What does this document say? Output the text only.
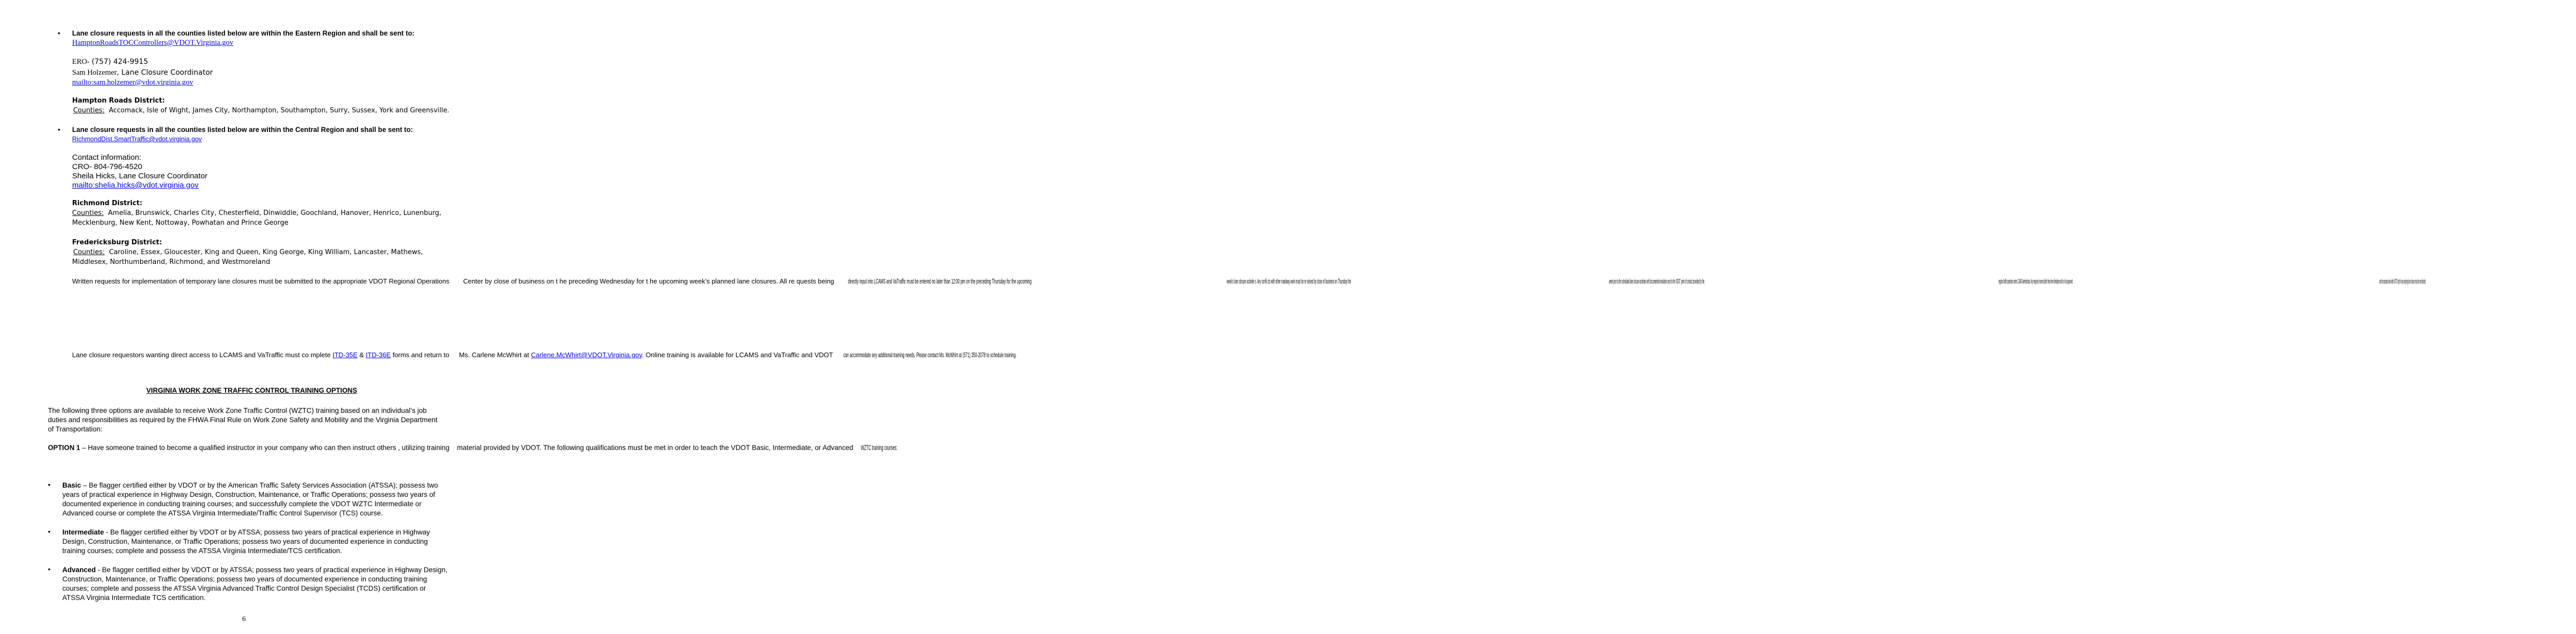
• Lane closure requests in all the counties listed below are within the Eastern Region and shall be sent to:
HamptonRoadsTOCControllers@VDOT.Virginia.gov
ERO- (757) 424-9915
Sam Holzemer, Lane Closure Coordinator
mailto:sam.holzemer@vdot.virginia.gov
Hampton Roads District:
Counties: Accomack, Isle of Wight, James City, Northampton, Southampton, Surry, Sussex, York and Greensville.
• Lane closure requests in all the counties listed below are within the Central Region and shall be sent to:
RichmondDist.SmartTraffic@vdot.virginia.gov
Contact information:
CRO- 804-796-4520
Sheila Hicks, Lane Closure Coordinator
mailto:shelia.hicks@vdot.virginia.gov
Richmond District:
Counties: Amelia, Brunswick, Charles City, Chesterfield, Dinwiddie, Goochland, Hanover, Henrico, Lunenburg,
Mecklenburg, New Kent, Nottoway, Powhatan and Prince George
Fredericksburg District:
Counties: Caroline, Essex, Gloucester, King and Queen, King George, King William, Lancaster, Mathews,
Middlesex, Northumberland, Richmond, and Westmoreland
Written requests for implementation of temporary lane closures must be submitted to the appropriate VDOT Regional Operations Center by close of business on t he preceding Wednesday for t he upcoming week’s planned lane closures. All re quests being directly input into LCAMS and VaTraffic must be entered no later than 12:00 pm on the preceding Thursday for the upcoming	week’s lane closure activitie s. Any confli cts with other roadway work must be re solved by close of business on Thursday the	week prior to the scheduled lane closure activities with documented resolution sent to the VDOT point of contact provided by the	regional traffic operation center LCAMS Administrator. Any requests received after these time limitations will no t be approved	and the proposed work within VDOT right of way requiring lane closures must be rescheduled.
Lane closure requestors wanting direct access to LCAMS and VaTraffic must co mplete ITD-35E & ITD-36E forms and return to Ms. Carlene McWhirt at Carlene.McWhirt@VDOT.Virginia.gov. Online training is available for LCAMS and VaTraffic and VDOT can accommodate any additional training needs. Please contact Ms. McWhirt at (571) 350-2078 to schedule training.
VIRGINIA WORK ZONE TRAFFIC CONTROL TRAINING OPTIONS
The following three options are available to receive Work Zone Traffic Control (WZTC) training based on an individual’s job
duties and responsibilities as required by the FHWA Final Rule on Work Zone Safety and Mobility and the Virginia Department
of Transportation:
OPTION 1 – Have someone trained to become a qualified instructor in your company who can then instruct others , utilizing training material provided by VDOT. The following qualifications must be met in order to teach the VDOT Basic, Intermediate, or Advanced WZTC training courses:
• Basic – Be flagger certified either by VDOT or by the American Traffic Safety Services Association (ATSSA); possess two
years of practical experience in Highway Design, Construction, Maintenance, or Traffic Operations; possess two years of
documented experience in conducting training courses; and successfully complete the VDOT WZTC Intermediate or
Advanced course or complete the ATSSA Virginia Intermediate/Traffic Control Supervisor (TCS) course.
• Intermediate - Be flagger certified either by VDOT or by ATSSA; possess two years of practical experience in Highway
Design, Construction, Maintenance, or Traffic Operations; possess two years of documented experience in conducting
training courses; complete and possess the ATSSA Virginia Intermediate/TCS certification.
• Advanced - Be flagger certified either by VDOT or by ATSSA; possess two years of practical experience in Highway Design,
Construction, Maintenance, or Traffic Operations; possess two years of documented experience in conducting training
courses; complete and possess the ATSSA Virginia Advanced Traffic Control Design Specialist (TCDS) certification or
ATSSA Virginia Intermediate TCS certification.
6
